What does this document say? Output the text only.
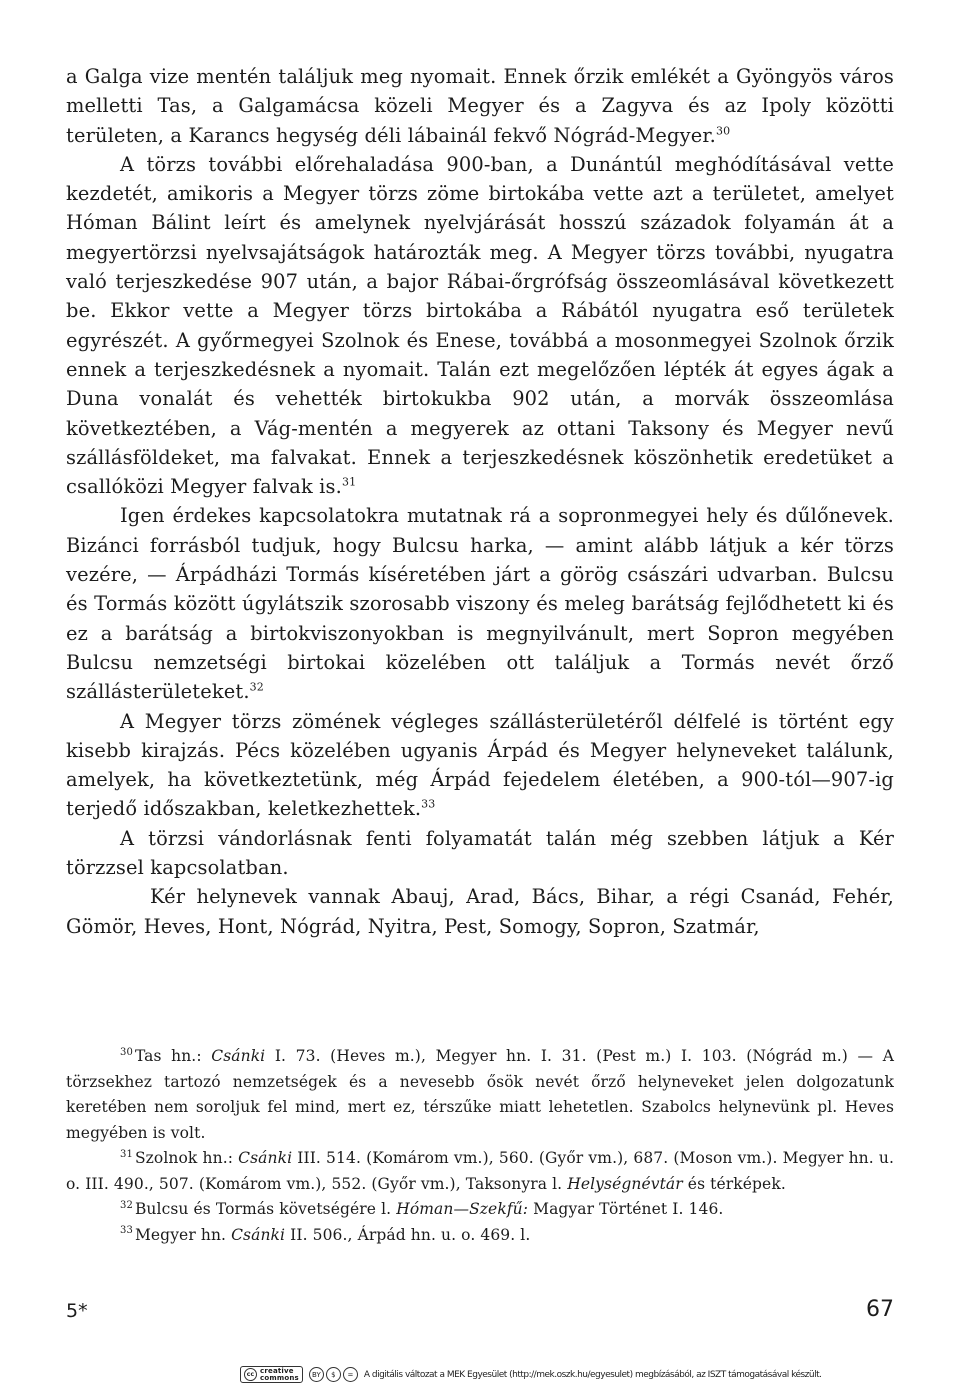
a Galga vize mentén találjuk meg nyomait. Ennek őrzik emlékét a Gyöngyös város melletti Tas, a Galgamácsa közeli Megyer és a Zagyva és az Ipoly közötti területen, a Karancs hegység déli lábainál fekvő Nógrád-Megyer.$^{30}$

A törzs további előrehaladása 900-ban, a Dunántúl meghódításával vette kezdetét, amikoris a Megyer törzs zöme birtokába vette azt a területet, amelyet Hóman Bálint leírt és amelynek nyelvjárását hosszú századok folyamán át a megyertörzsi nyelvsajátságok határozták meg. A Megyer törzs további, nyugatra való terjeszkedése 907 után, a bajor Rábai-őrgrófság összeomlásával következett be. Ekkor vette a Megyer törzs birtokába a Rábától nyugatra eső területek egyrészét. A győrmegyei Szolnok és Enese, továbbá a mosonmegyei Szolnok őrzik ennek a terjeszkedésnek a nyomait. Talán ezt megelőzően lépték át egyes ágak a Duna vonalát és vehették birtokukba 902 után, a morvák összeomlása következtében, a Vág-mentén a megyerek az ottani Taksony és Megyer nevű szállásföldeket, ma falvakat. Ennek a terjeszkedésnek köszönhetik eredetüket a csallóközi Megyer falvak is.$^{31}$

Igen érdekes kapcsolatokra mutatnak rá a sopronmegyei hely és dűlőnevek. Bizánci forrásból tudjuk, hogy Bulcsu harka, — amint alább látjuk a kér törzs vezére, — Árpádházi Tormás kíséretében járt a görög császári udvarban. Bulcsu és Tormás között úgylátszik szorosabb viszony és meleg barátság fejlődhetett ki és ez a barátság a birtokviszonyokban is megnyilvánult, mert Sopron megyében Bulcsu nemzetségi birtokai közelében ott találjuk a Tormás nevét őrző szállásterületeket.$^{32}$

A Megyer törzs zömének végleges szállásterületéről délfelé is történt egy kisebb kirajzás. Pécs közelében ugyanis Árpád és Megyer helyneveket találunk, amelyek, ha következtetünk, még Árpád fejedelem életében, a 900-tól—907-ig terjedő időszakban, keletkezhettek.$^{33}$

A törzsi vándorlásnak fenti folyamatát talán még szebben látjuk a Kér törzzsel kapcsolatban.

Kér helynevek vannak Abauj, Arad, Bács, Bihar, a régi Csanád, Fehér, Gömör, Heves, Hont, Nógrád, Nyitra, Pest, Somogy, Sopron, Szatmár,

$^{30}$ Tas hn.: Csánki I. 73. (Heves m.), Megyer hn. I. 31. (Pest m.) I. 103. (Nógrád m.) — A törzsekhez tartozó nemzetségek és a nevesebb ősök nevét őrző helyneveket jelen dolgozatunk keretében nem soroljuk fel mind, mert ez, térszűke miatt lehetetlen. Szabolcs helynevünk pl. Heves megyében is volt.

$^{31}$ Szolnok hn.: Csánki III. 514. (Komárom vm.), 560. (Győr vm.), 687. (Moson vm.). Megyer hn. u. o. III. 490., 507. (Komárom vm.), 552. (Győr vm.), Taksonyra l. Helységnévtár és térképek.

$^{32}$ Bulcsu és Tormás követségére l. Hóman—Szekfű: Magyar Történet I. 146.

$^{33}$ Megyer hn. Csánki II. 506., Árpád hn. u. o. 469. l.

5*	67
cc creative
commons	BY	$	=	A digitális változat a MEK Egyesület (http://mek.oszk.hu/egyesulet) megbízásából, az ISZT támogatásával készült.
